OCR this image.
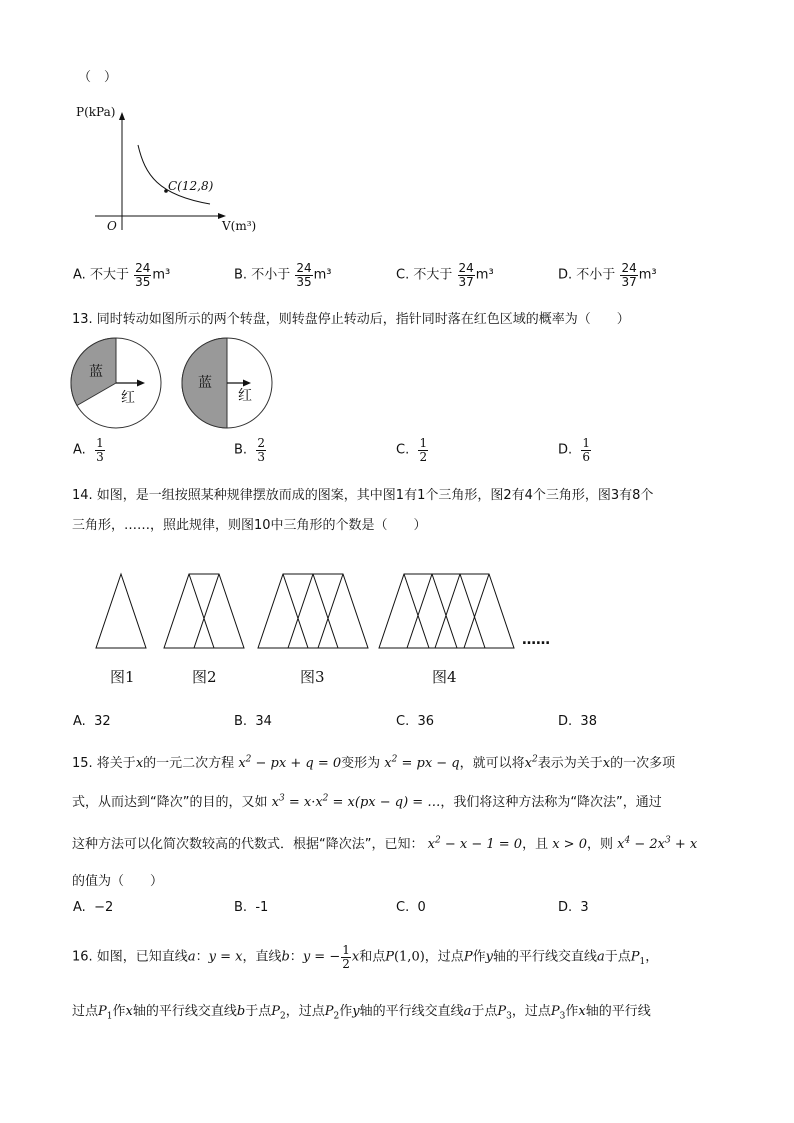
（　）
P(kPa)
C(12,8)
O	V(m³)
A. 不大于 $\frac{24}{35} m^3$	B. 不小于 $\frac{24}{35} m^3$	C. 不大于 $\frac{24}{37} m^3$	D. 不小于 $\frac{24}{37} m^3$
13. 同时转动如图所示的两个转盘，则转盘停止转动后，指针同时落在红色区域的概率为（　　）
蓝
红
蓝
红
A. $\frac{1}{3}$	B. $\frac{2}{3}$	C. $\frac{1}{2}$	D. $\frac{1}{6}$
14. 如图，是一组按照某种规律摆放而成的图案，其中图1有1个三角形，图2有4个三角形，图3有8个
三角形，……，照此规律，则图10中三角形的个数是（　　）
……
图1	图2	图3	图4
A. 32	B. 34	C. 36	D. 38
15. 将关于x的一元二次方程 $x^2$ − px + q = 0变形为 $x^2$ = px − q，就可以将$x^2$表示为关于x的一次多项
式，从而达到“降次”的目的，又如 $x^3 = x\cdot x^2 = x(px - q)$ = …，我们将这种方法称为“降次法”，通过
这种方法可以化简次数较高的代数式．根据“降次法”，已知： $x^2 - x - 1 = 0$，且 x > 0，则 $x^4 - 2x^3 + x$
的值为（　　）
A. −2	B. -1	C. 0	D. 3
16. 如图，已知直线a：y = x，直线b：y = − $\frac{1}{2}$ x和点P(1,0)，过点P作y轴的平行线交直线a于点$P_1$，
过点$P_1$作x轴的平行线交直线b于点$P_2$，过点$P_2$作y轴的平行线交直线a于点$P_3$，过点$P_3$作x轴的平行线
